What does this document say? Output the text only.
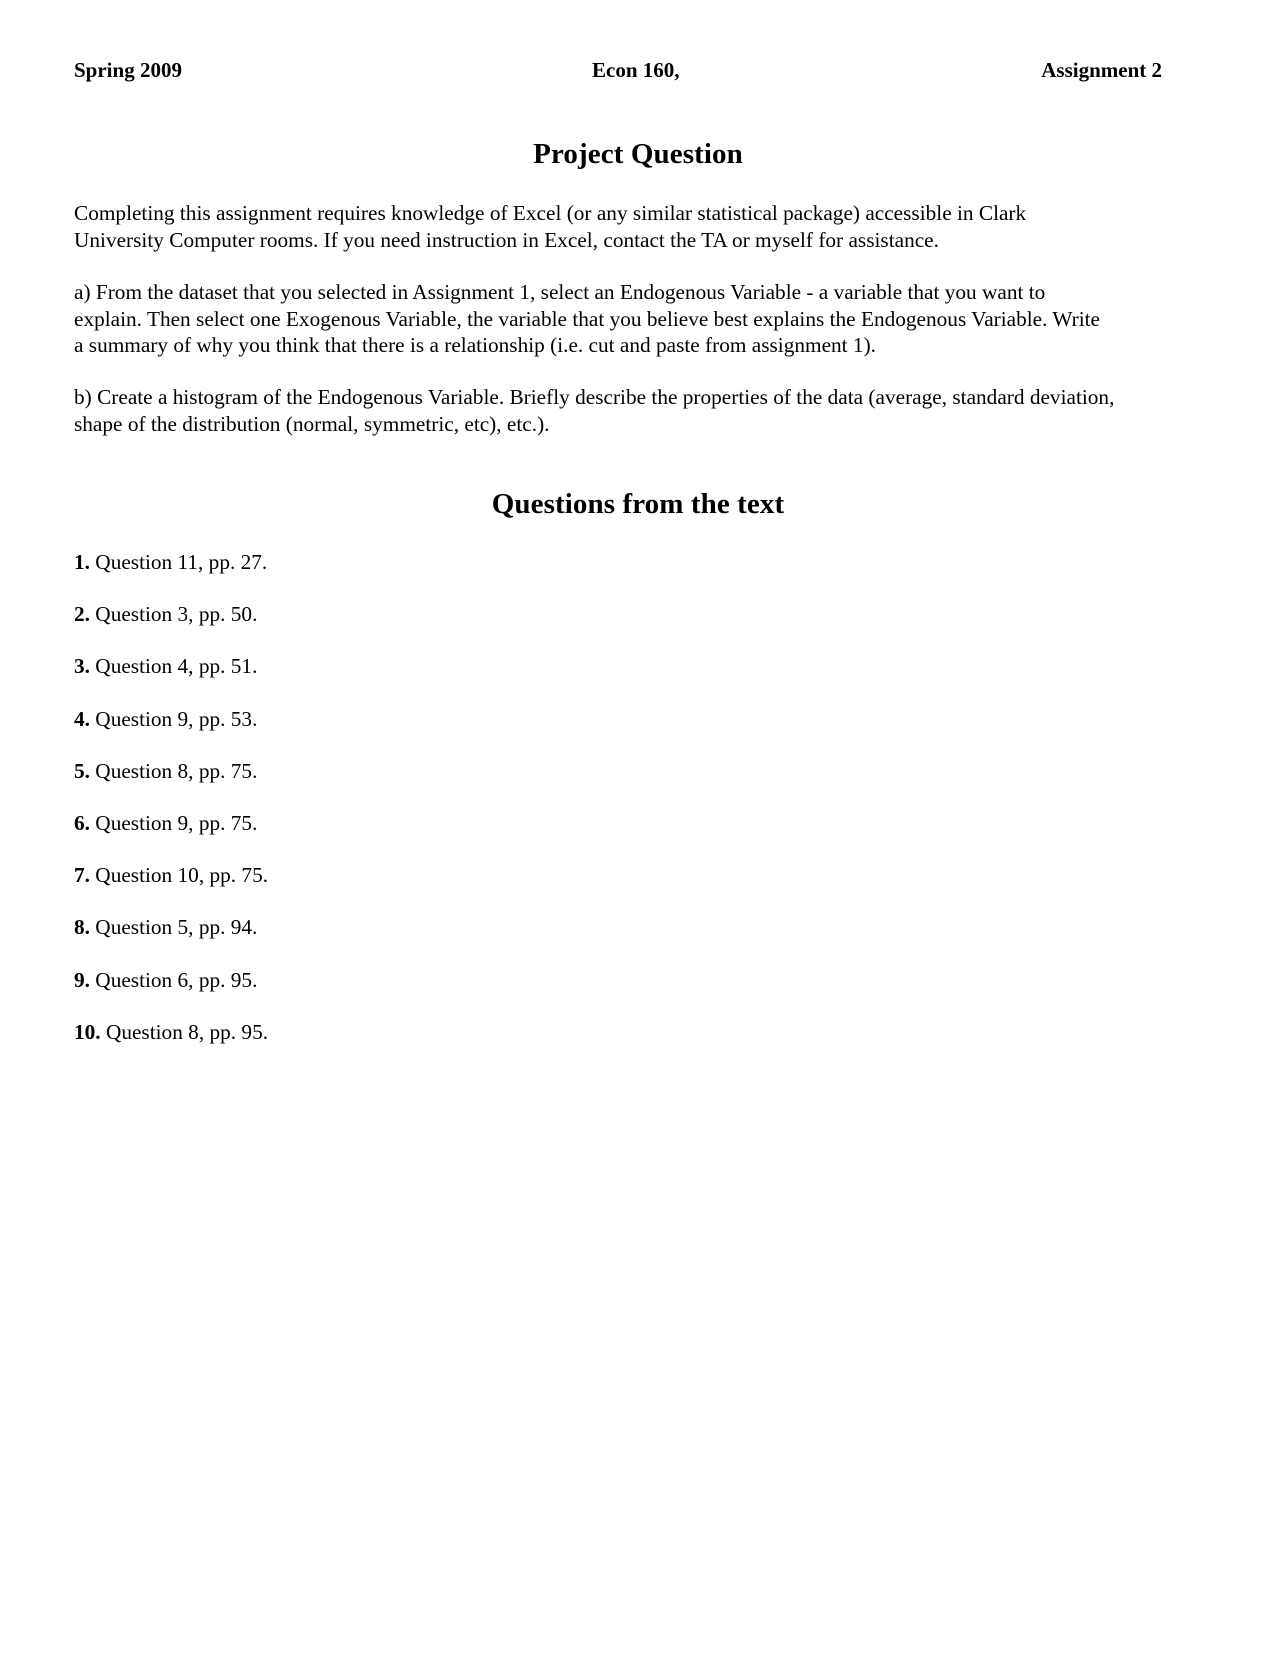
Spring 2009	Econ 160,	Assignment 2
Project Question
Completing this assignment requires knowledge of Excel (or any similar statistical package) accessible in Clark
University Computer rooms. If you need instruction in Excel, contact the TA or myself for assistance.
a) From the dataset that you selected in Assignment 1, select an Endogenous Variable - a variable that you want to
explain. Then select one Exogenous Variable, the variable that you believe best explains the Endogenous Variable. Write
a summary of why you think that there is a relationship (i.e. cut and paste from assignment 1).
b) Create a histogram of the Endogenous Variable. Briefly describe the properties of the data (average, standard deviation,
shape of the distribution (normal, symmetric, etc), etc.).
Questions from the text
1. Question 11, pp. 27.
2. Question 3, pp. 50.
3. Question 4, pp. 51.
4. Question 9, pp. 53.
5. Question 8, pp. 75.
6. Question 9, pp. 75.
7. Question 10, pp. 75.
8. Question 5, pp. 94.
9. Question 6, pp. 95.
10. Question 8, pp. 95.
